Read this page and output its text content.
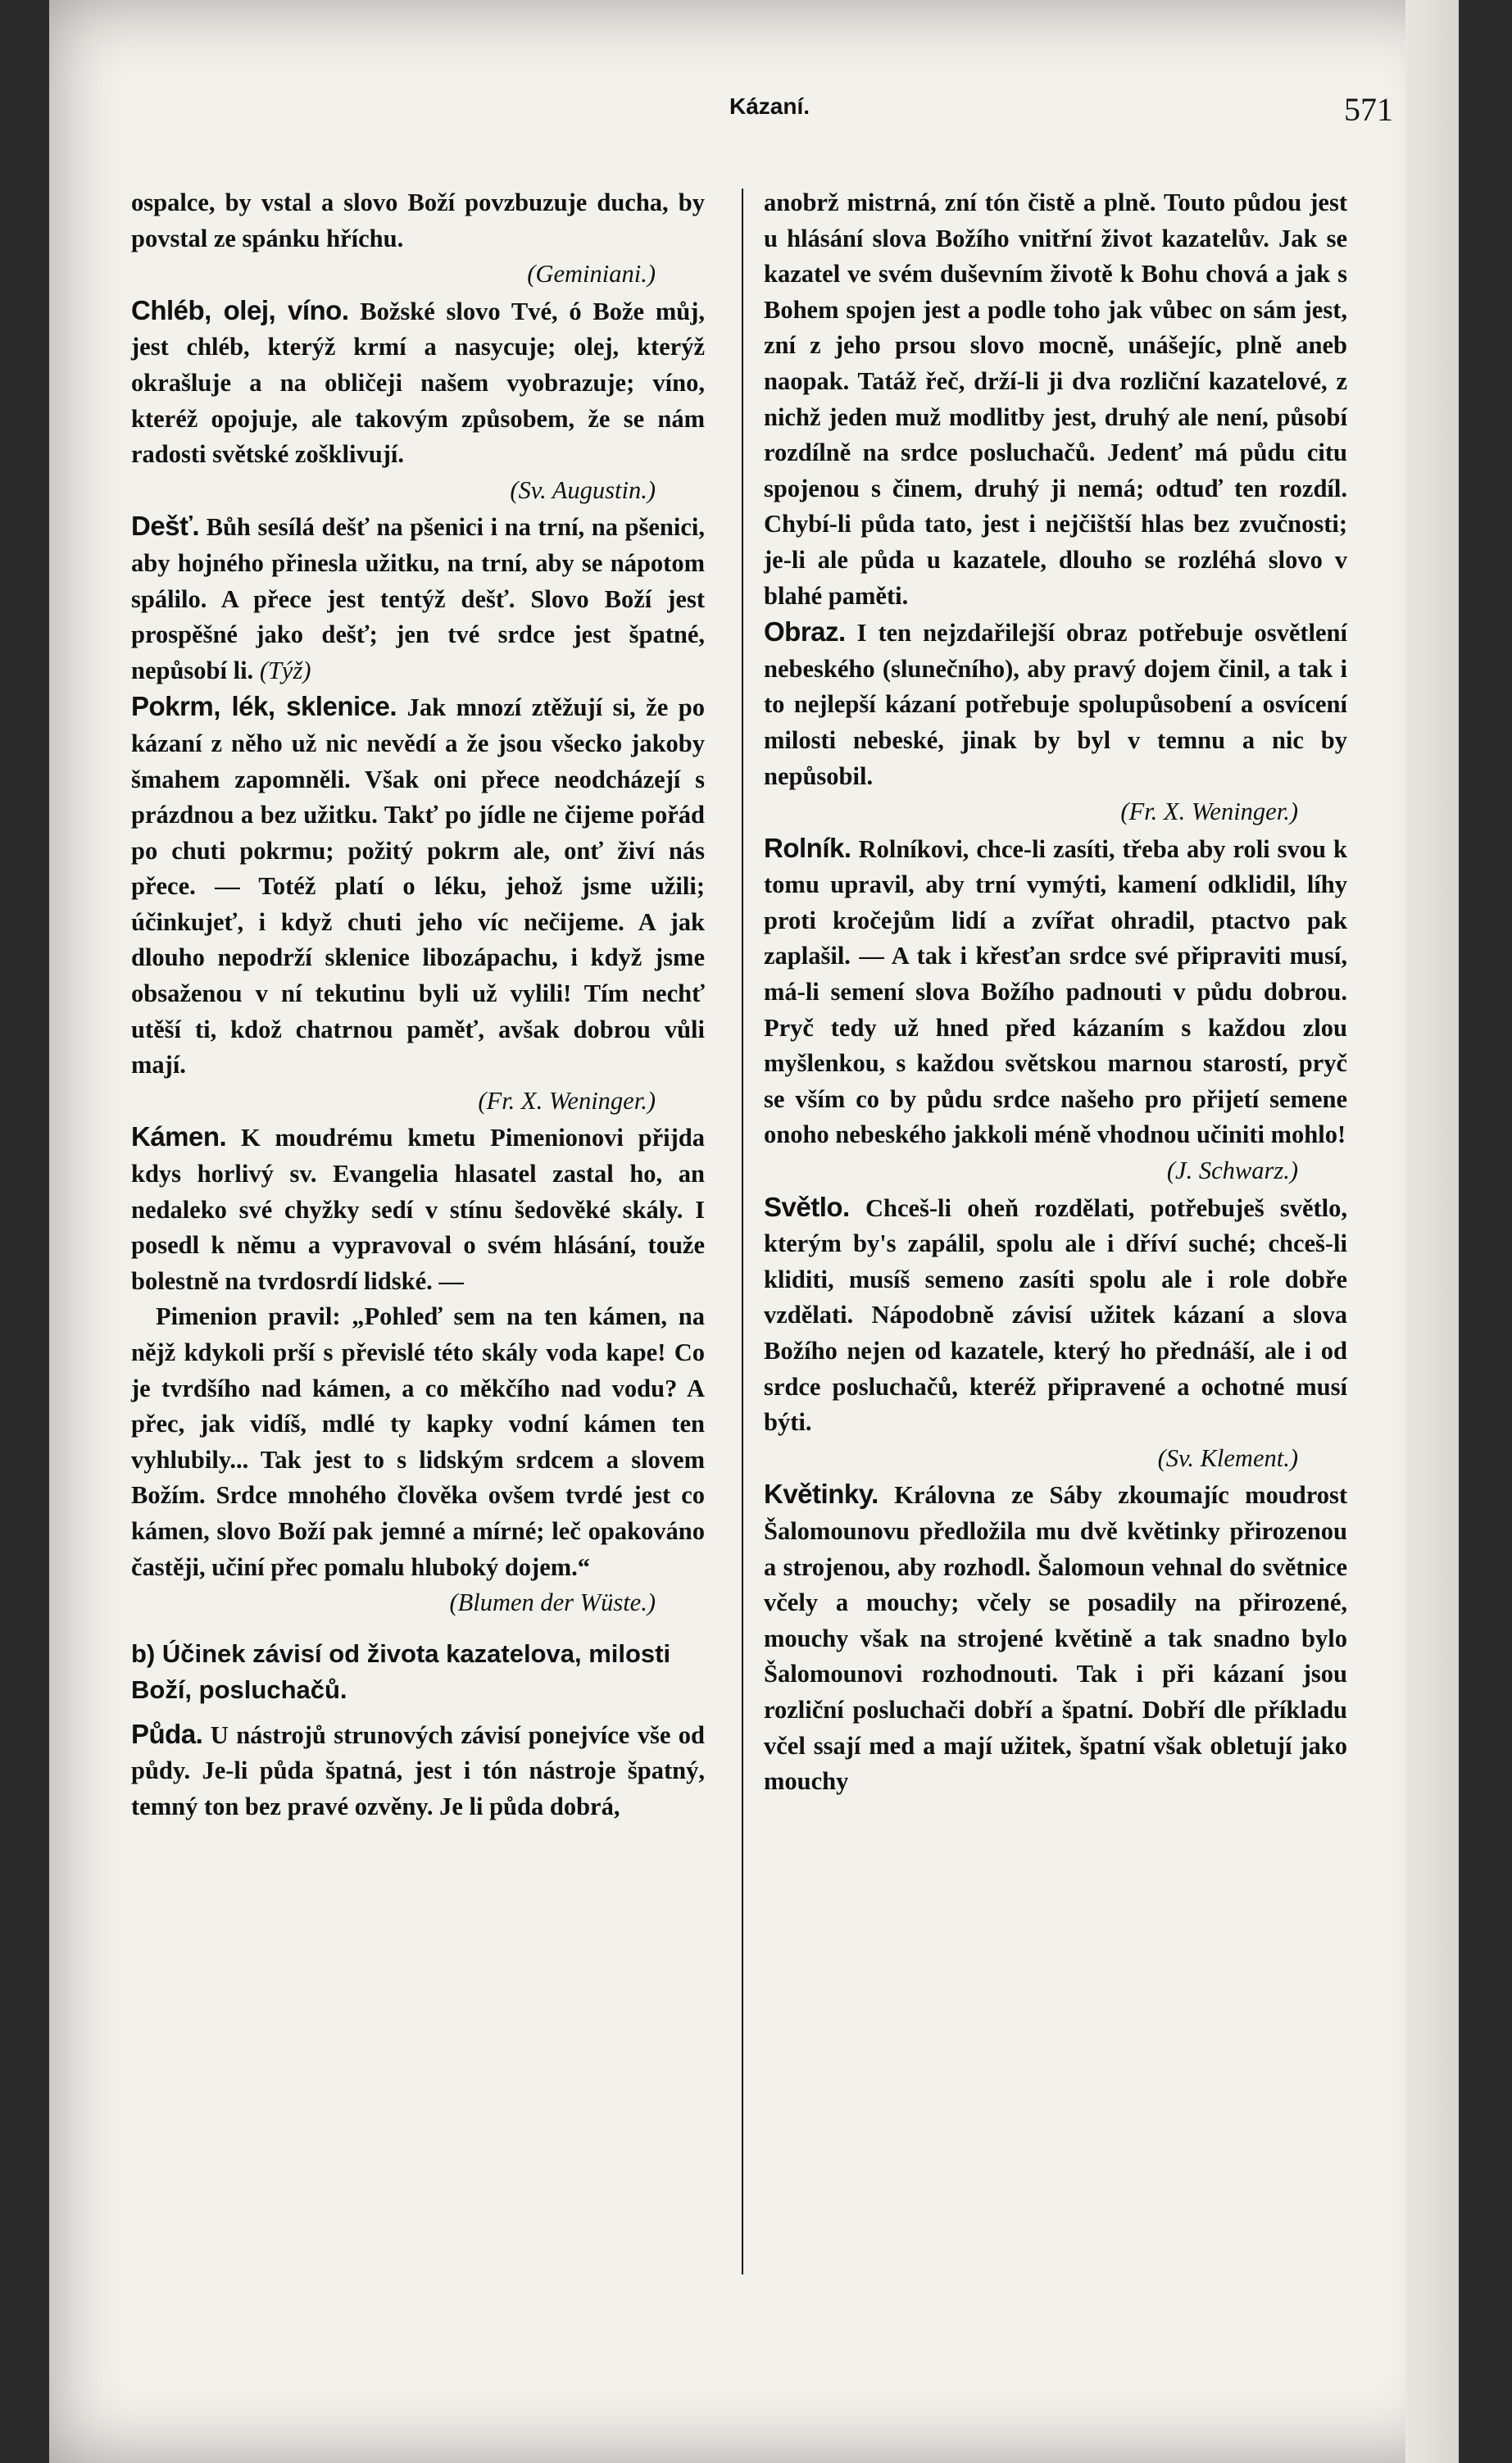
Kázaní.	571

ospalce, by vstal a slovo Boží povzbuzuje ducha, by povstal ze spánku hříchu.

(Geminiani.)

Chléb, olej, víno. Božské slovo Tvé, ó Bože můj, jest chléb, kterýž krmí a nasycuje; olej, kterýž okrašluje a na obličeji našem vyobrazuje; víno, kteréž opojuje, ale takovým způsobem, že se nám radosti světské zošklivují.

(Sv. Augustin.)

Dešť. Bůh sesílá dešť na pšenici i na trní, na pšenici, aby hojného přinesla užitku, na trní, aby se nápotom spálilo. A přece jest tentýž dešť. Slovo Boží jest prospěšné jako dešť; jen tvé srdce jest špatné, nepůsobí li. (Týž)

Pokrm, lék, sklenice. Jak mnozí ztěžují si, že po kázaní z něho už nic nevědí a že jsou všecko jakoby šmahem zapomněli. Však oni přece neodcházejí s prázdnou a bez užitku. Takť po jídle ne čijeme pořád po chuti pokrmu; požitý pokrm ale, onť živí nás přece. — Totéž platí o léku, jehož jsme užili; účinkujeť, i když chuti jeho víc nečijeme. A jak dlouho nepodrží sklenice libozápachu, i když jsme obsaženou v ní tekutinu byli už vylili! Tím nechť utěší ti, kdož chatrnou paměť, avšak dobrou vůli mají.

(Fr. X. Weninger.)

Kámen. K moudrému kmetu Pimenionovi přijda kdys horlivý sv. Evangelia hlasatel zastal ho, an nedaleko své chyžky sedí v stínu šedověké skály. I posedl k němu a vypravoval o svém hlásání, touže bolestně na tvrdosrdí lidské. —

Pimenion pravil: „Pohleď sem na ten kámen, na nějž kdykoli prší s převislé této skály voda kape! Co je tvrdšího nad kámen, a co měkčího nad vodu? A přec, jak vidíš, mdlé ty kapky vodní kámen ten vyhlubily... Tak jest to s lidským srdcem a slovem Božím. Srdce mnohého člověka ovšem tvrdé jest co kámen, slovo Boží pak jemné a mírné; leč opakováno častěji, učiní přec pomalu hluboký dojem.“

(Blumen der Wüste.)

b) Účinek závisí od života kazatelova, milosti Boží, posluchačů.

Půda. U nástrojů strunových závisí ponejvíce vše od půdy. Je-li půda špatná, jest i tón nástroje špatný, temný ton bez pravé ozvěny. Je li půda dobrá,

anobrž mistrná, zní tón čistě a plně. Touto půdou jest u hlásání slova Božího vnitřní život kazatelův. Jak se kazatel ve svém duševním životě k Bohu chová a jak s Bohem spojen jest a podle toho jak vůbec on sám jest, zní z jeho prsou slovo mocně, unášejíc, plně aneb naopak. Tatáž řeč, drží-li ji dva rozliční kazatelové, z nichž jeden muž modlitby jest, druhý ale není, působí rozdílně na srdce posluchačů. Jedenť má půdu citu spojenou s činem, druhý ji nemá; odtuď ten rozdíl. Chybí-li půda tato, jest i nejčištší hlas bez zvučnosti; je-li ale půda u kazatele, dlouho se rozléhá slovo v blahé paměti.

Obraz. I ten nejzdařilejší obraz potřebuje osvětlení nebeského (slunečního), aby pravý dojem činil, a tak i to nejlepší kázaní potřebuje spolupůsobení a osvícení milosti nebeské, jinak by byl v temnu a nic by nepůsobil.

(Fr. X. Weninger.)

Rolník. Rolníkovi, chce-li zasíti, třeba aby roli svou k tomu upravil, aby trní vymýti, kamení odklidil, líhy proti kročejům lidí a zvířat ohradil, ptactvo pak zaplašil. — A tak i křesťan srdce své připraviti musí, má-li semení slova Božího padnouti v půdu dobrou. Pryč tedy už hned před kázaním s každou zlou myšlenkou, s každou světskou marnou starostí, pryč se vším co by půdu srdce našeho pro přijetí semene onoho nebeského jakkoli méně vhodnou učiniti mohlo!

(J. Schwarz.)

Světlo. Chceš-li oheň rozdělati, potřebuješ světlo, kterým by's zapálil, spolu ale i dříví suché; chceš-li kliditi, musíš semeno zasíti spolu ale i role dobře vzdělati. Nápodobně závisí užitek kázaní a slova Božího nejen od kazatele, který ho přednáší, ale i od srdce posluchačů, kteréž připravené a ochotné musí býti.

(Sv. Klement.)

Květinky. Královna ze Sáby zkoumajíc moudrost Šalomounovu předložila mu dvě květinky přirozenou a strojenou, aby rozhodl. Šalomoun vehnal do světnice včely a mouchy; včely se posadily na přirozené, mouchy však na strojené květině a tak snadno bylo Šalomounovi rozhodnouti. Tak i při kázaní jsou rozliční posluchači dobří a špatní. Dobří dle příkladu včel ssají med a mají užitek, špatní však obletují jako mouchy
